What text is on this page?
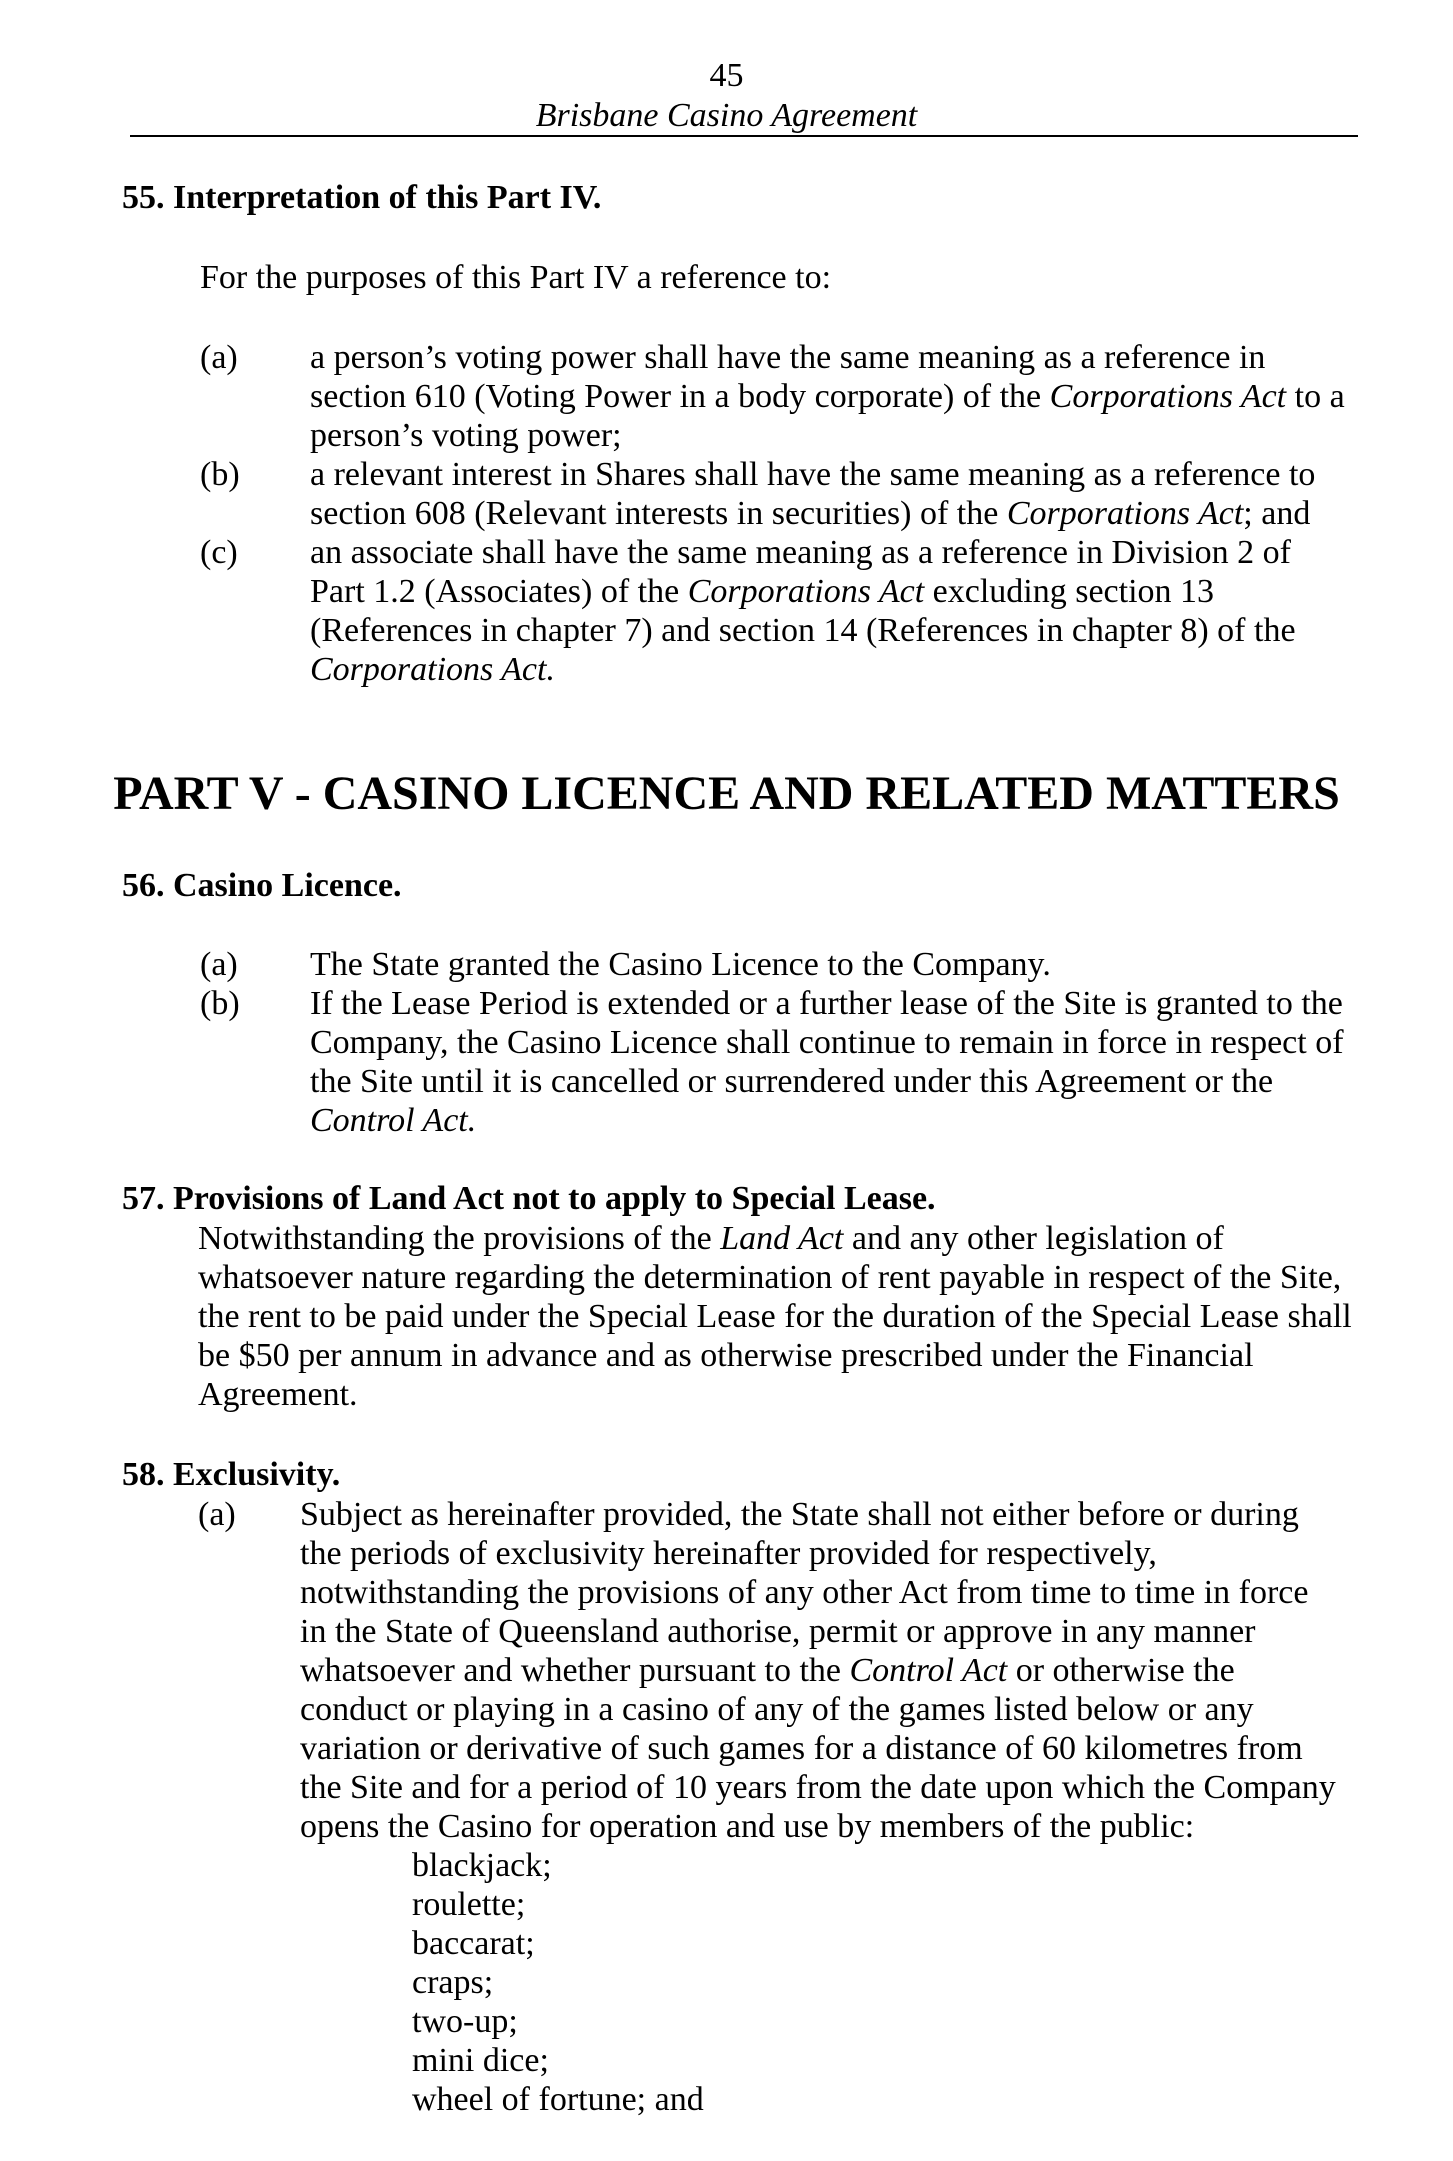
45
Brisbane Casino Agreement
55. Interpretation of this Part IV.
For the purposes of this Part IV a reference to:
(a) a person’s voting power shall have the same meaning as a reference in
section 610 (Voting Power in a body corporate) of the Corporations Act to a
person’s voting power;
(b) a relevant interest in Shares shall have the same meaning as a reference to
section 608 (Relevant interests in securities) of the Corporations Act; and
(c) an associate shall have the same meaning as a reference in Division 2 of
Part 1.2 (Associates) of the Corporations Act excluding section 13
(References in chapter 7) and section 14 (References in chapter 8) of the
Corporations Act.
PART V - CASINO LICENCE AND RELATED MATTERS
56. Casino Licence.
(a) The State granted the Casino Licence to the Company.
(b) If the Lease Period is extended or a further lease of the Site is granted to the
Company, the Casino Licence shall continue to remain in force in respect of
the Site until it is cancelled or surrendered under this Agreement or the
Control Act.
57. Provisions of Land Act not to apply to Special Lease.
Notwithstanding the provisions of the Land Act and any other legislation of
whatsoever nature regarding the determination of rent payable in respect of the Site,
the rent to be paid under the Special Lease for the duration of the Special Lease shall
be $50 per annum in advance and as otherwise prescribed under the Financial
Agreement.
58. Exclusivity.
(a) Subject as hereinafter provided, the State shall not either before or during
the periods of exclusivity hereinafter provided for respectively,
notwithstanding the provisions of any other Act from time to time in force
in the State of Queensland authorise, permit or approve in any manner
whatsoever and whether pursuant to the Control Act or otherwise the
conduct or playing in a casino of any of the games listed below or any
variation or derivative of such games for a distance of 60 kilometres from
the Site and for a period of 10 years from the date upon which the Company
opens the Casino for operation and use by members of the public:
blackjack;
roulette;
baccarat;
craps;
two-up;
mini dice;
wheel of fortune; and
